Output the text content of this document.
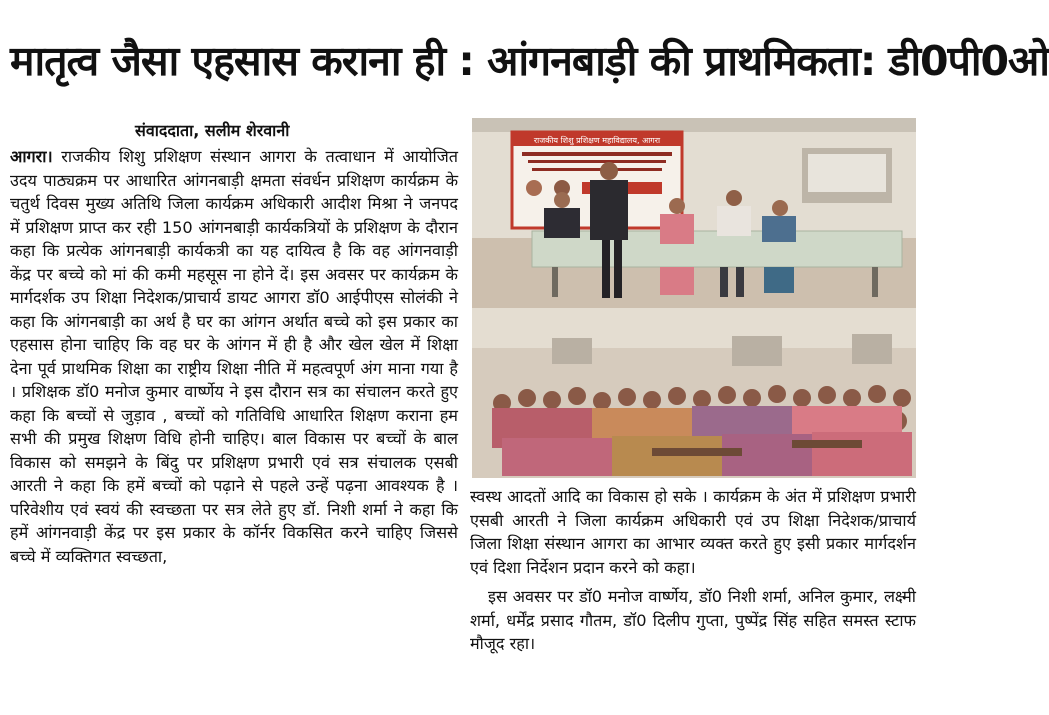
मातृत्व जैसा एहसास कराना ही : आंगनबाड़ी की प्राथमिकता: डी0पी0ओ
संवाददाता, सलीम शेरवानी
आगरा। राजकीय शिशु प्रशिक्षण संस्थान आगरा के तत्वाधान में आयोजित उदय पाठ्यक्रम पर आधारित आंगनबाड़ी क्षमता संवर्धन प्रशिक्षण कार्यक्रम के चतुर्थ दिवस मुख्य अतिथि जिला कार्यक्रम अधिकारी आदीश मिश्रा ने जनपद में प्रशिक्षण प्राप्त कर रही 150 आंगनबाड़ी कार्यकत्रियों के प्रशिक्षण के दौरान कहा कि प्रत्येक आंगनबाड़ी कार्यकत्री का यह दायित्व है कि वह आंगनवाड़ी केंद्र पर बच्चे को मां की कमी महसूस ना होने दें। इस अवसर पर कार्यक्रम के मार्गदर्शक उप शिक्षा निदेशक/प्राचार्य डायट आगरा डॉ0 आईपीएस सोलंकी ने कहा कि आंगनबाड़ी का अर्थ है घर का आंगन अर्थात बच्चे को इस प्रकार का एहसास होना चाहिए कि वह घर के आंगन में ही है और खेल खेल में शिक्षा देना पूर्व प्राथमिक शिक्षा का राष्ट्रीय शिक्षा नीति में महत्वपूर्ण अंग माना गया है । प्रशिक्षक डॉ0 मनोज कुमार वार्ष्णेय ने इस दौरान सत्र का संचालन करते हुए कहा कि बच्चों से जुड़ाव , बच्चों को गतिविधि आधारित शिक्षण कराना हम सभी की प्रमुख शिक्षण विधि होनी चाहिए। बाल विकास पर बच्चों के बाल विकास को समझने के बिंदु पर प्रशिक्षण प्रभारी एवं सत्र संचालक एसबी आरती ने कहा कि हमें बच्चों को पढ़ाने से पहले उन्हें पढ़ना आवश्यक है । परिवेशीय एवं स्वयं की स्वच्छता पर सत्र लेते हुए डॉ. निशी शर्मा ने कहा कि हमें आंगनवाड़ी केंद्र पर इस प्रकार के कॉर्नर विकसित करने चाहिए जिससे बच्चे में व्यक्तिगत स्वच्छता,
राजकीय शिशु प्रशिक्षण महाविद्यालय, आगरा

स्वस्थ आदतों आदि का विकास हो सके । कार्यक्रम के अंत में प्रशिक्षण प्रभारी एसबी आरती ने जिला कार्यक्रम अधिकारी एवं उप शिक्षा निदेशक/प्राचार्य जिला शिक्षा संस्थान आगरा का आभार व्यक्त करते हुए इसी प्रकार मार्गदर्शन एवं दिशा निर्देशन प्रदान करने को कहा।

इस अवसर पर डॉ0 मनोज वार्ष्णेय, डॉ0 निशी शर्मा, अनिल कुमार, लक्ष्मी शर्मा, धर्मेंद्र प्रसाद गौतम, डॉ0 दिलीप गुप्ता, पुष्पेंद्र सिंह सहित समस्त स्टाफ मौजूद रहा।
